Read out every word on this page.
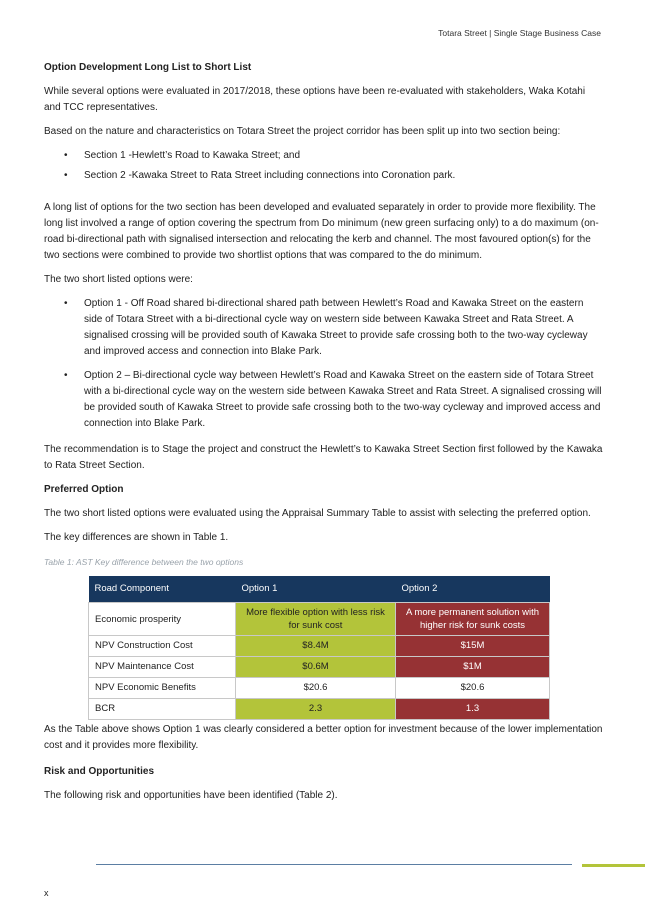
Totara Street | Single Stage Business Case
Option Development Long List to Short List

While several options were evaluated in 2017/2018, these options have been re-evaluated with stakeholders, Waka Kotahi and TCC representatives.

Based on the nature and characteristics on Totara Street the project corridor has been split up into two section being:

• Section 1 -Hewlett’s Road to Kawaka Street; and
• Section 2 -Kawaka Street to Rata Street including connections into Coronation park.

A long list of options for the two section has been developed and evaluated separately in order to provide more flexibility. The long list involved a range of option covering the spectrum from Do minimum (new green surfacing only) to a do maximum (on-road bi-directional path with signalised intersection and relocating the kerb and channel. The most favoured option(s) for the two sections were combined to provide two shortlist options that was compared to the do minimum.

The two short listed options were:

• Option 1 - Off Road shared bi-directional shared path between Hewlett’s Road and Kawaka Street on the eastern side of Totara Street with a bi-directional cycle way on western side between Kawaka Street and Rata Street. A signalised crossing will be provided south of Kawaka Street to provide safe crossing both to the two-way cycleway and improved access and connection into Blake Park.
• Option 2 – Bi-directional cycle way between Hewlett’s Road and Kawaka Street on the eastern side of Totara Street with a bi-directional cycle way on the western side between Kawaka Street and Rata Street. A signalised crossing will be provided south of Kawaka Street to provide safe crossing both to the two-way cycleway and improved access and connection into Blake Park.

The recommendation is to Stage the project and construct the Hewlett’s to Kawaka Street Section first followed by the Kawaka to Rata Street Section.

Preferred Option

The two short listed options were evaluated using the Appraisal Summary Table to assist with selecting the preferred option.

The key differences are shown in Table 1.

Table 1: AST Key difference between the two options
Road Component	Option 1	Option 2
Economic prosperity	More flexible option with less risk for sunk cost	A more permanent solution with higher risk for sunk costs
NPV Construction Cost	$8.4M	$15M
NPV Maintenance Cost	$0.6M	$1M
NPV Economic Benefits	$20.6	$20.6
BCR	2.3	1.3

As the Table above shows Option 1 was clearly considered a better option for investment because of the lower implementation cost and it provides more flexibility.

Risk and Opportunities

The following risk and opportunities have been identified (Table 2).

x
